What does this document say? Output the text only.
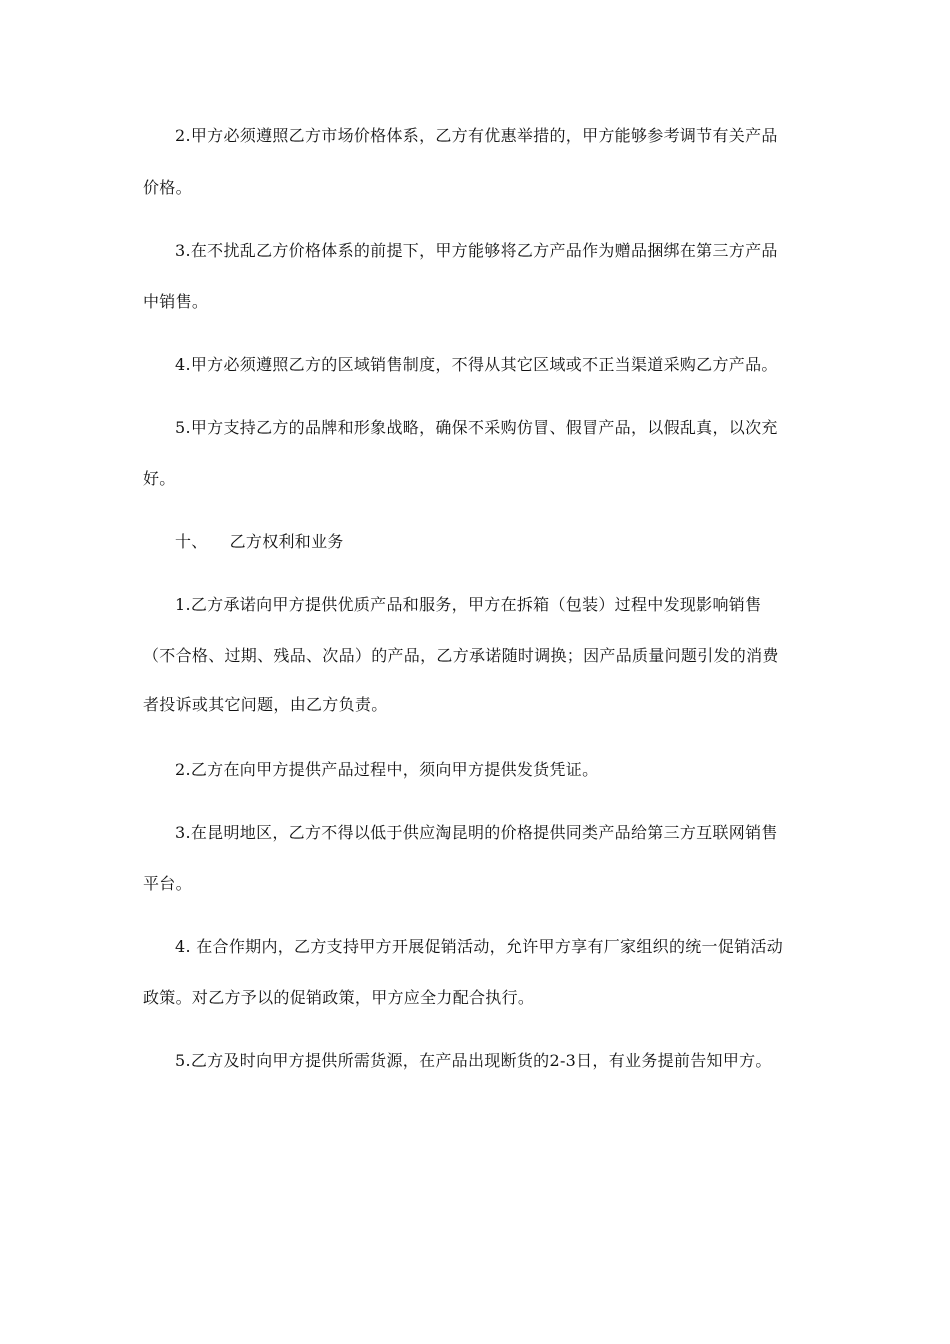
2.甲方必须遵照乙方市场价格体系，乙方有优惠举措的，甲方能够参考调节有关产品
价格。
3.在不扰乱乙方价格体系的前提下，甲方能够将乙方产品作为赠品捆绑在第三方产品
中销售。
4.甲方必须遵照乙方的区域销售制度，不得从其它区域或不正当渠道采购乙方产品。
5.甲方支持乙方的品牌和形象战略，确保不采购仿冒、假冒产品，以假乱真，以次充
好。
十、 乙方权利和业务
1.乙方承诺向甲方提供优质产品和服务，甲方在拆箱（包装）过程中发现影响销售
（不合格、过期、残品、次品）的产品，乙方承诺随时调换；因产品质量问题引发的消费
者投诉或其它问题，由乙方负责。
2.乙方在向甲方提供产品过程中，须向甲方提供发货凭证。
3.在昆明地区，乙方不得以低于供应淘昆明的价格提供同类产品给第三方互联网销售
平台。
4. 在合作期内，乙方支持甲方开展促销活动，允许甲方享有厂家组织的统一促销活动
政策。对乙方予以的促销政策，甲方应全力配合执行。
5.乙方及时向甲方提供所需货源，在产品出现断货的2-3日，有业务提前告知甲方。
